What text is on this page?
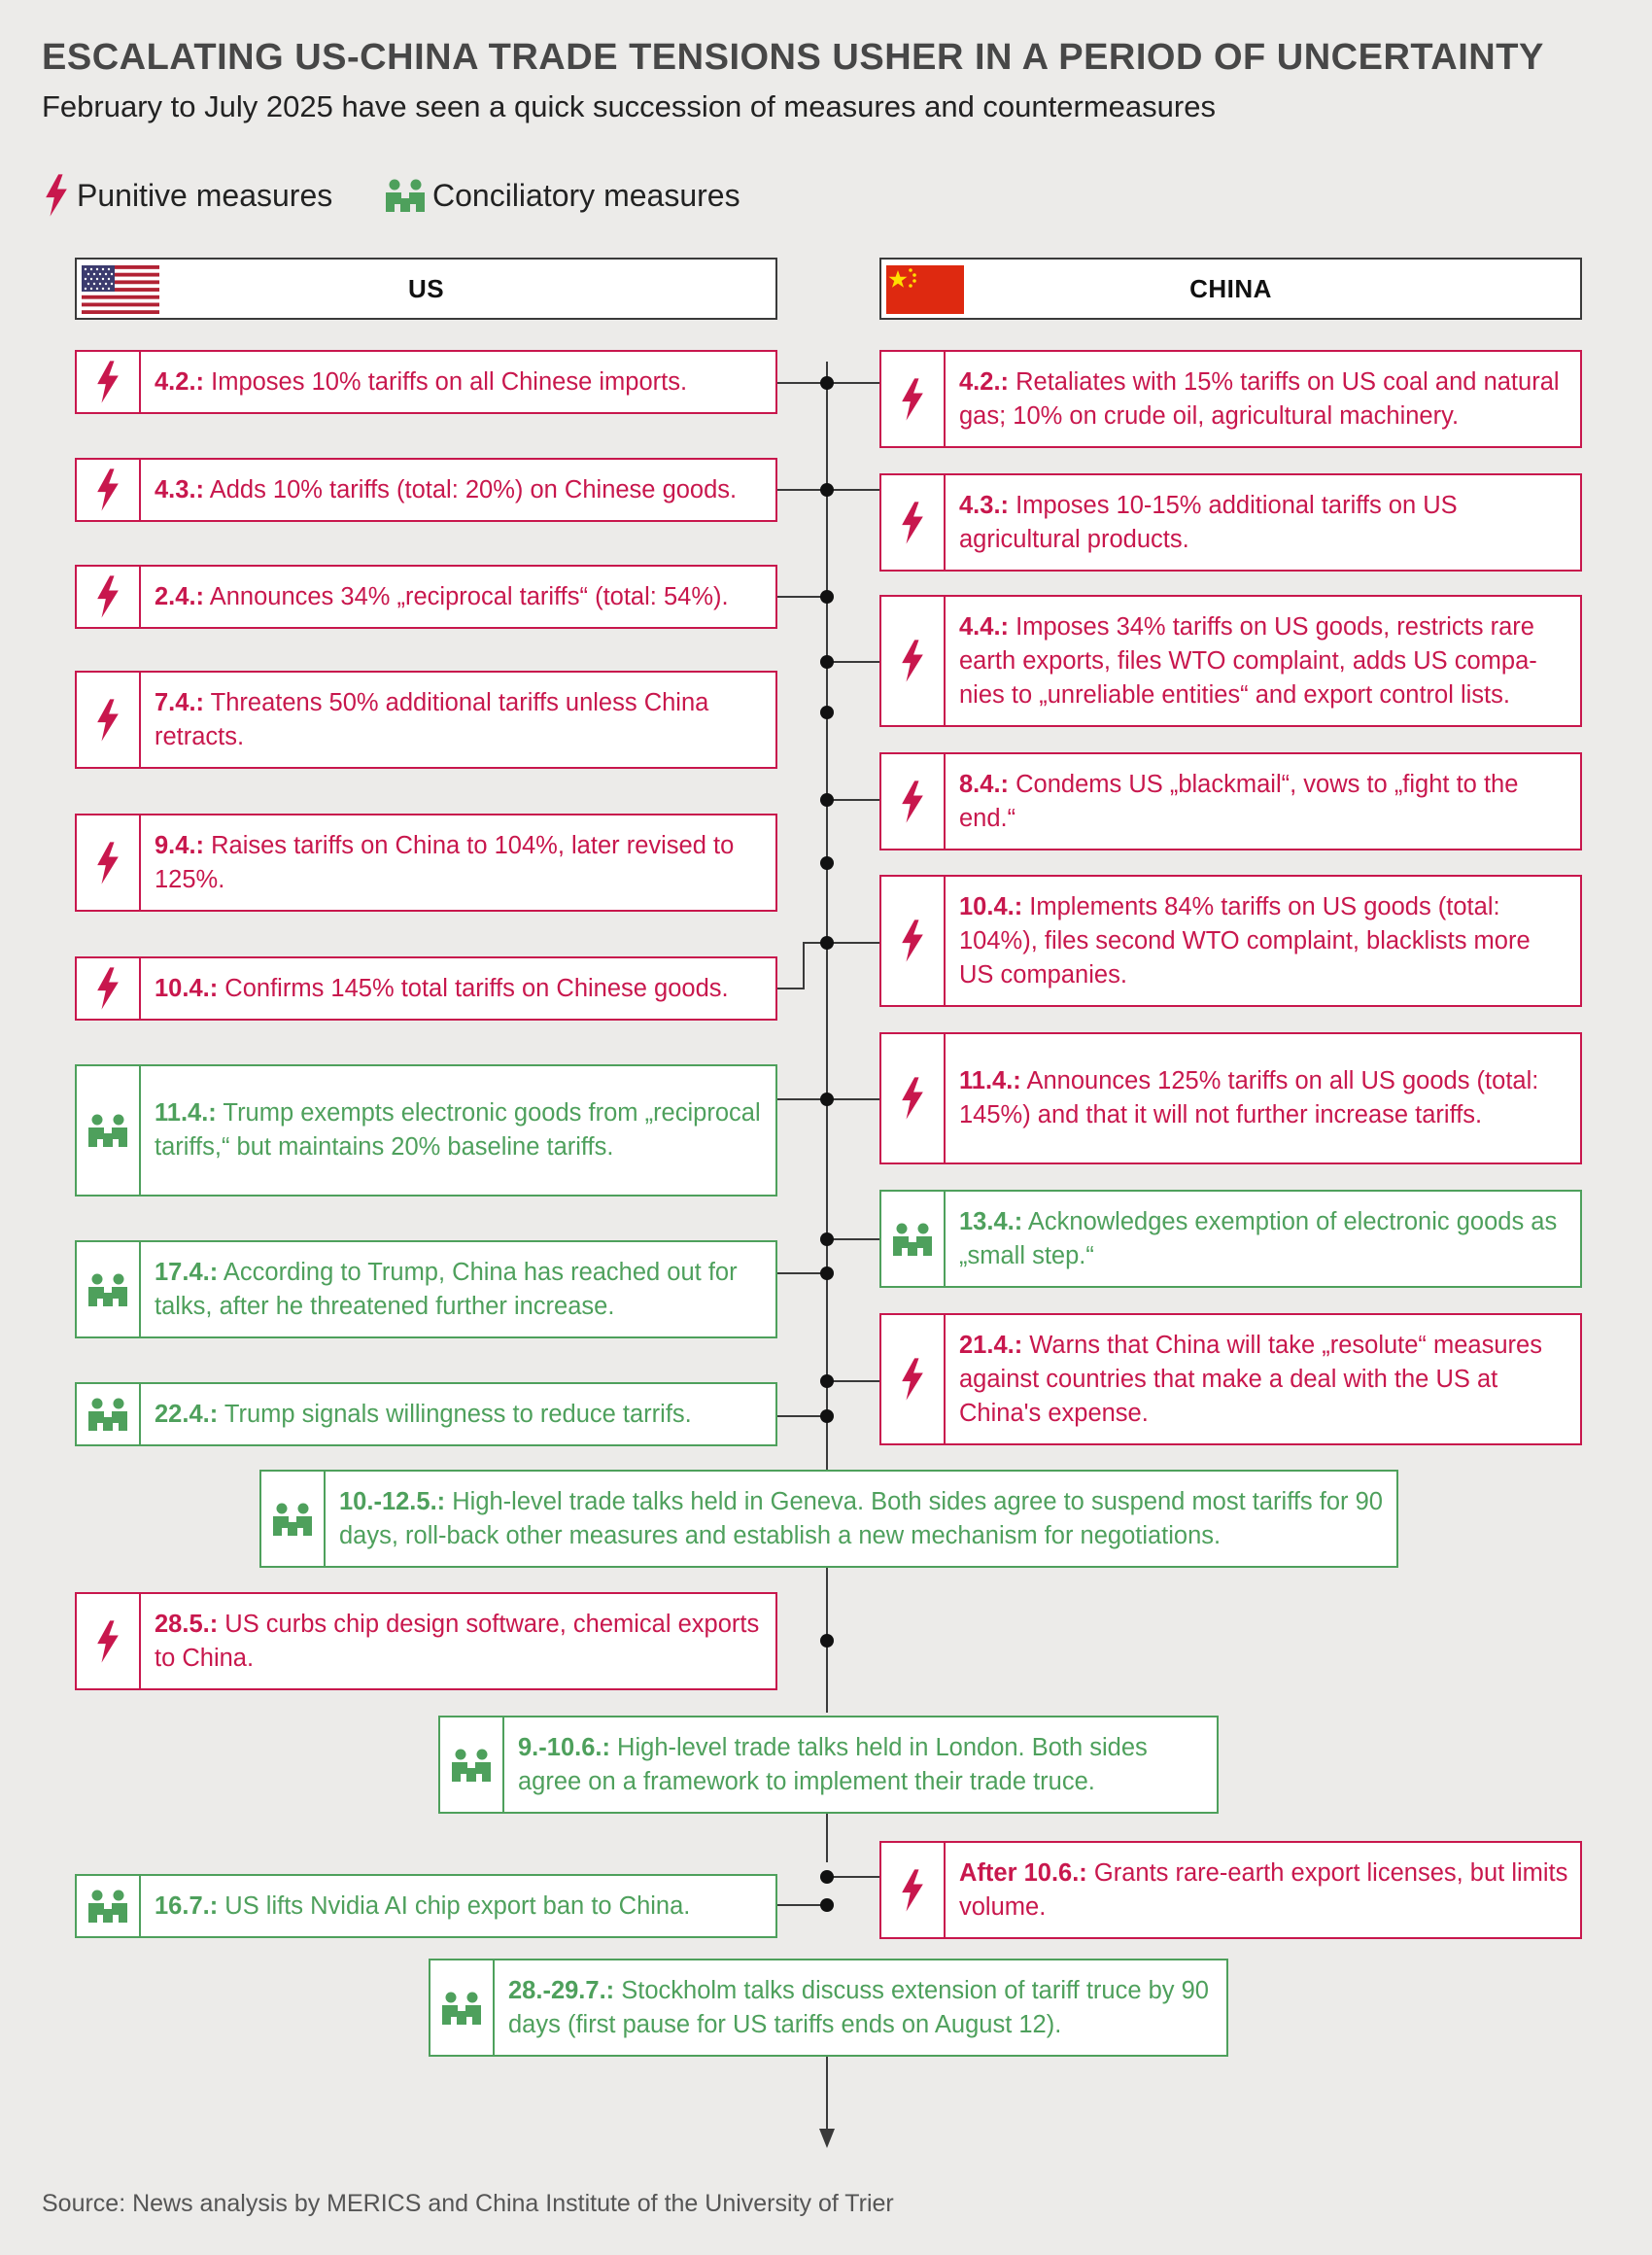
ESCALATING US-CHINA TRADE TENSIONS USHER IN A PERIOD OF UNCERTAINTY
February to July 2025 have seen a quick succession of measures and countermeasures
Punitive measures	Conciliatory measures
US	CHINA
4.2.: Imposes 10% tariffs on all Chinese imports.
4.3.: Adds 10% tariffs (total: 20%) on Chinese goods.
2.4.: Announces 34% „reciprocal tariffs“ (total: 54%).
7.4.: Threatens 50% additional tariffs unless China retracts.
9.4.: Raises tariffs on China to 104%, later revised to 125%.
10.4.: Confirms 145% total tariffs on Chinese goods.
11.4.: Trump exempts electronic goods from „reciprocal tariffs,“ but maintains 20% baseline tariffs.
17.4.: According to Trump, China has reached out for talks, after he threatened further increase.
22.4.: Trump signals willingness to reduce tarrifs.
28.5.: US curbs chip design software, chemical exports to China.
16.7.: US lifts Nvidia AI chip export ban to China.
4.2.: Retaliates with 15% tariffs on US coal and natural gas; 10% on crude oil, agricultural machinery.
4.3.: Imposes 10-15% additional tariffs on US agricultural products.
4.4.: Imposes 34% tariffs on US goods, restricts rare earth exports, files WTO complaint, adds US compa-nies to „unreliable entities“ and export control lists.
8.4.: Condems US „blackmail“, vows to „fight to the end.“
10.4.: Implements 84% tariffs on US goods (total: 104%), files second WTO complaint, blacklists more US companies.
11.4.: Announces 125% tariffs on all US goods (total: 145%) and that it will not further increase tariffs.
13.4.: Acknowledges exemption of electronic goods as „small step.“
21.4.: Warns that China will take „resolute“ measures against countries that make a deal with the US at China's expense.
After 10.6.: Grants rare-earth export licenses, but limits volume.
10.-12.5.: High-level trade talks held in Geneva. Both sides agree to suspend most tariffs for 90 days, roll-back other measures and establish a new mechanism for negotiations.
9.-10.6.: High-level trade talks held in London. Both sides agree on a framework to implement their trade truce.
28.-29.7.: Stockholm talks discuss extension of tariff truce by 90 days (first pause for US tariffs ends on August 12).
Source: News analysis by MERICS and China Institute of the University of Trier
